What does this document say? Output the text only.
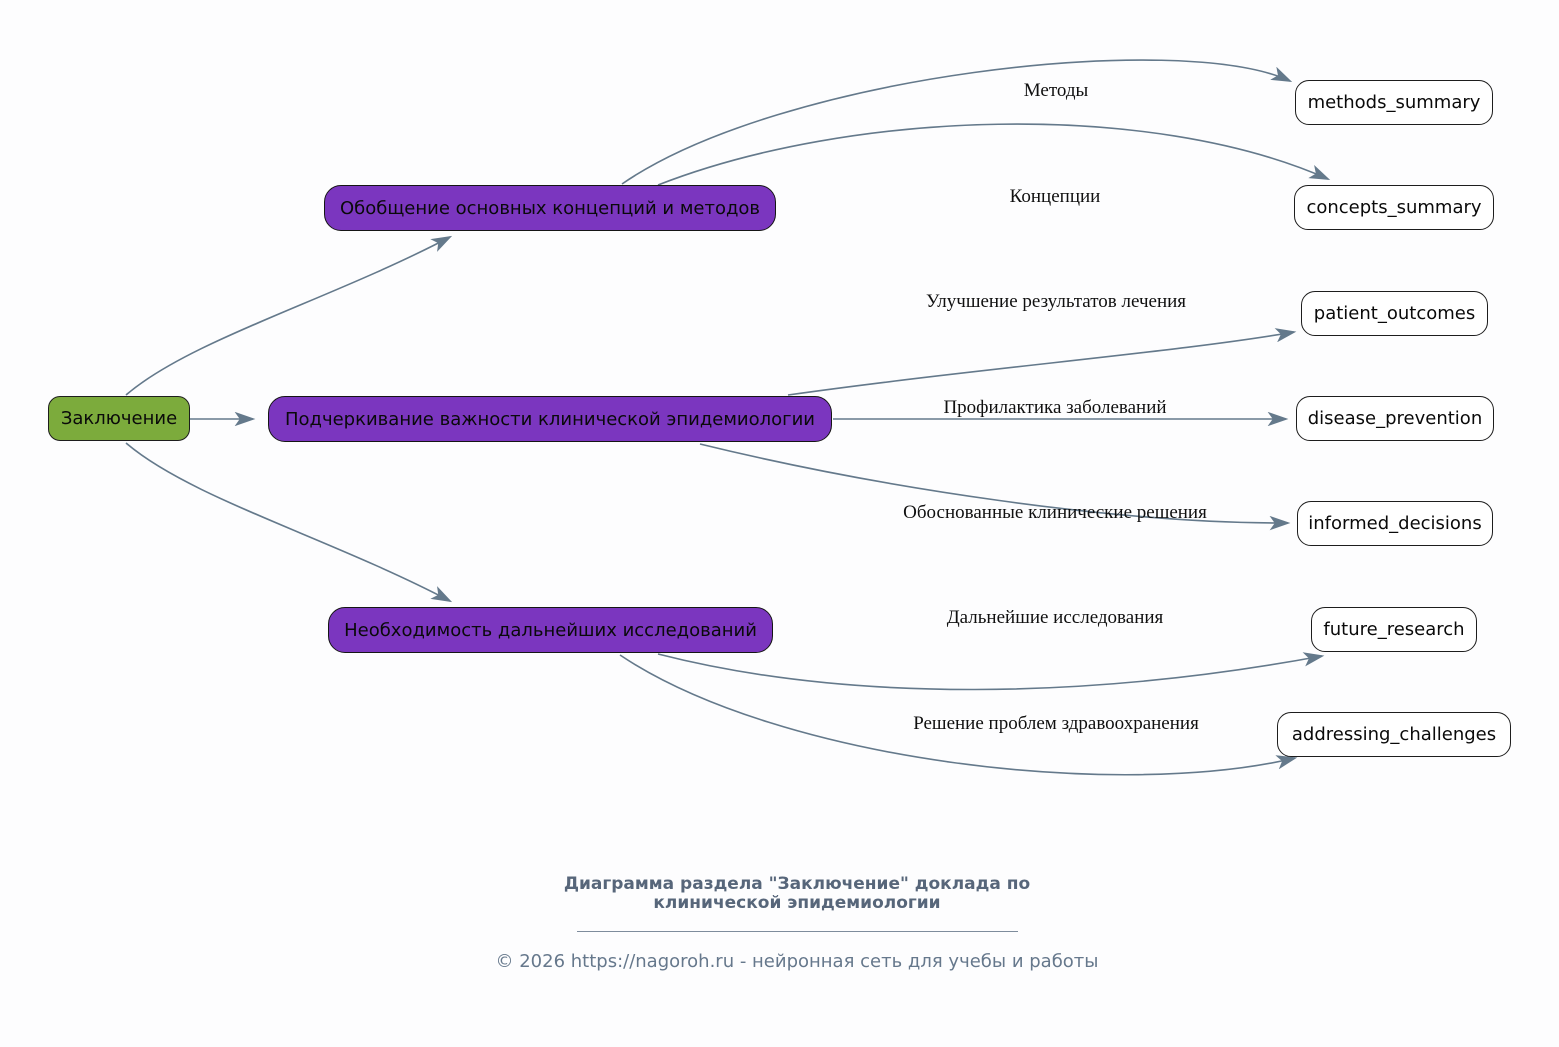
Заключение
Обобщение основных концепций и методов
Подчеркивание важности клинической эпидемиологии
Необходимость дальнейших исследований
methods_summary
concepts_summary
patient_outcomes
disease_prevention
informed_decisions
future_research
addressing_challenges
Методы
Концепции
Улучшение результатов лечения
Профилактика заболеваний
Обоснованные клинические решения
Дальнейшие исследования
Решение проблем здравоохранения
Диаграмма раздела "Заключение" доклада по
клинической эпидемиологии
© 2026 https://nagoroh.ru - нейронная сеть для учебы и работы
